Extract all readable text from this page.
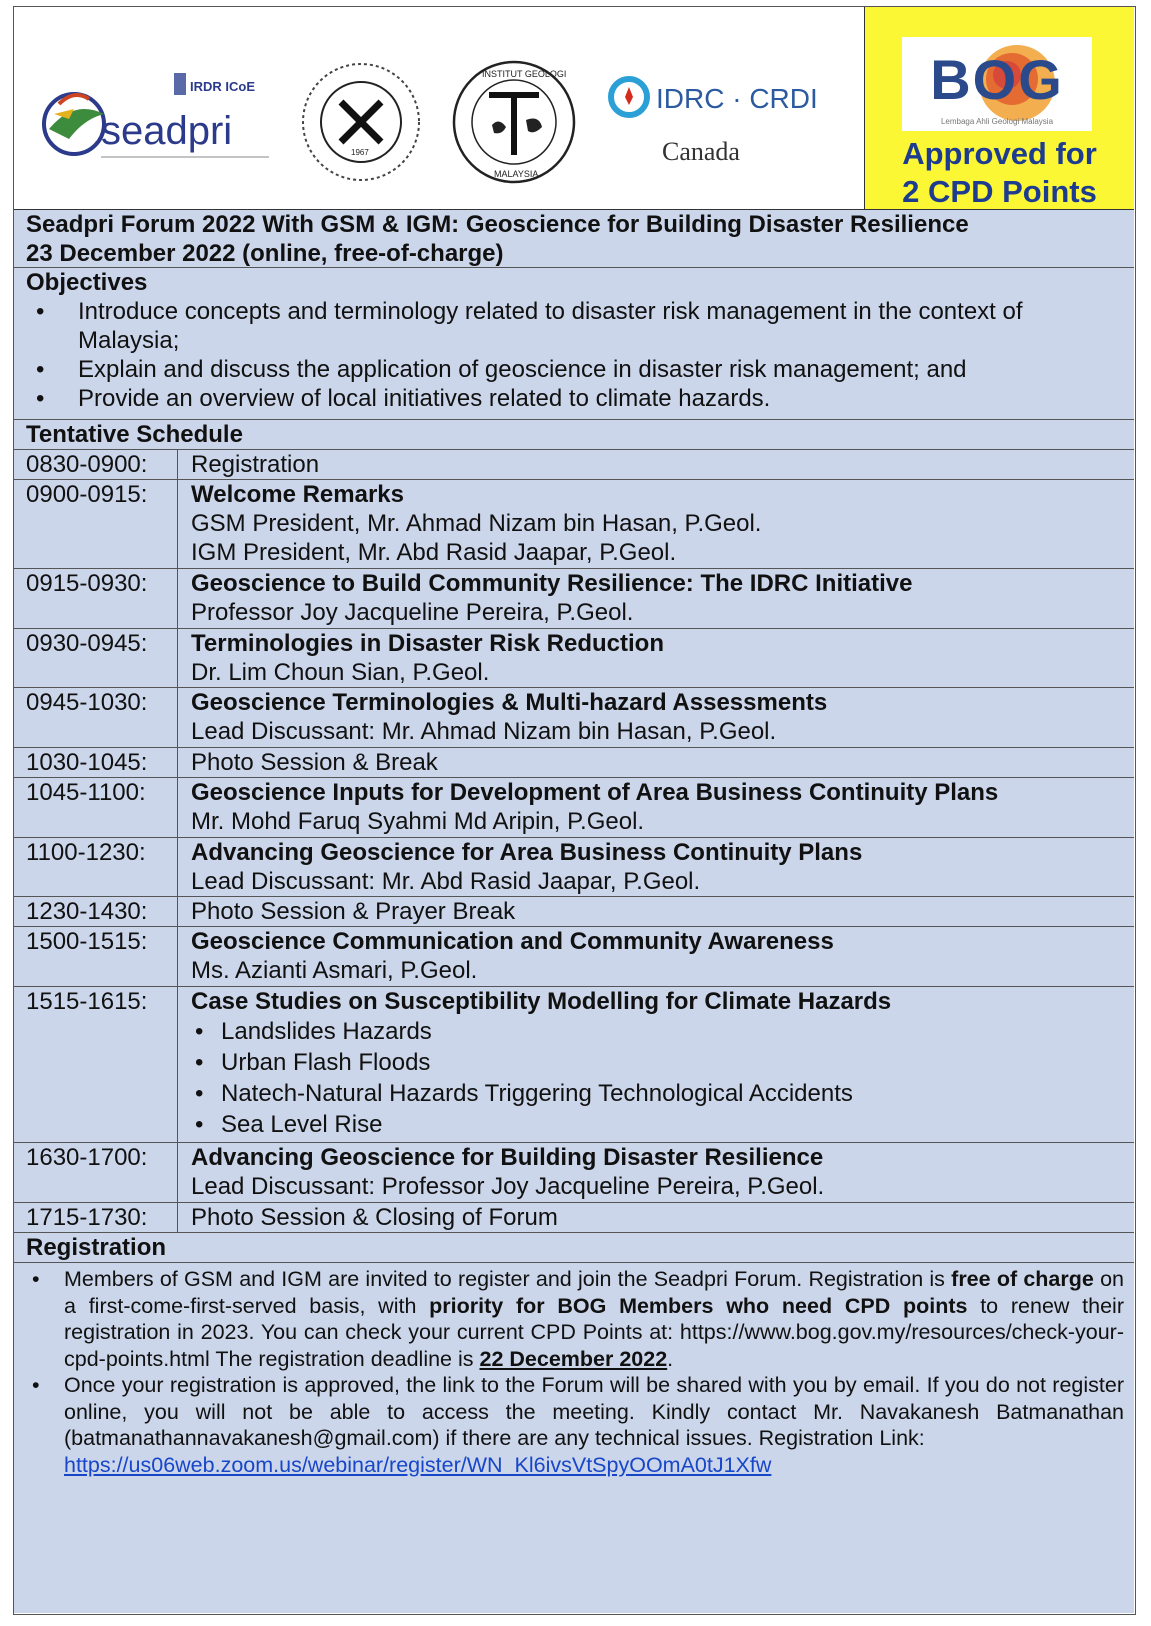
seadpri
IRDR ICoE
1967
INSTITUT GEOLOGI
MALAYSIA
IDRC · CRDI
Canada
BOG
Lembaga Ahli Geologi Malaysia
Approved for
2 CPD Points
Seadpri Forum 2022 With GSM & IGM: Geoscience for Building Disaster Resilience
23 December 2022 (online, free-of-charge)
Objectives
• Introduce concepts and terminology related to disaster risk management in the context of Malaysia;
• Explain and discuss the application of geoscience in disaster risk management; and
• Provide an overview of local initiatives related to climate hazards.
Tentative Schedule
0830-0900: Registration
0900-0915: Welcome Remarks
GSM President, Mr. Ahmad Nizam bin Hasan, P.Geol.
IGM President, Mr. Abd Rasid Jaapar, P.Geol.
0915-0930: Geoscience to Build Community Resilience: The IDRC Initiative
Professor Joy Jacqueline Pereira, P.Geol.
0930-0945: Terminologies in Disaster Risk Reduction
Dr. Lim Choun Sian, P.Geol.
0945-1030: Geoscience Terminologies & Multi-hazard Assessments
Lead Discussant: Mr. Ahmad Nizam bin Hasan, P.Geol.
1030-1045: Photo Session & Break
1045-1100: Geoscience Inputs for Development of Area Business Continuity Plans
Mr. Mohd Faruq Syahmi Md Aripin, P.Geol.
1100-1230: Advancing Geoscience for Area Business Continuity Plans
Lead Discussant: Mr. Abd Rasid Jaapar, P.Geol.
1230-1430: Photo Session & Prayer Break
1500-1515: Geoscience Communication and Community Awareness
Ms. Azianti Asmari, P.Geol.
1515-1615: Case Studies on Susceptibility Modelling for Climate Hazards
• Landslides Hazards
• Urban Flash Floods
• Natech-Natural Hazards Triggering Technological Accidents
• Sea Level Rise
1630-1700: Advancing Geoscience for Building Disaster Resilience
Lead Discussant: Professor Joy Jacqueline Pereira, P.Geol.
1715-1730: Photo Session & Closing of Forum
Registration
• Members of GSM and IGM are invited to register and join the Seadpri Forum. Registration is free of charge on a first-come-first-served basis, with priority for BOG Members who need CPD points to renew their registration in 2023. You can check your current CPD Points at: https://www.bog.gov.my/resources/check-your-cpd-points.html The registration deadline is 22 December 2022.
• Once your registration is approved, the link to the Forum will be shared with you by email. If you do not register online, you will not be able to access the meeting. Kindly contact Mr. Navakanesh Batmanathan (batmanathannavakanesh@gmail.com) if there are any technical issues. Registration Link:
https://us06web.zoom.us/webinar/register/WN_Kl6ivsVtSpyOOmA0tJ1Xfw
